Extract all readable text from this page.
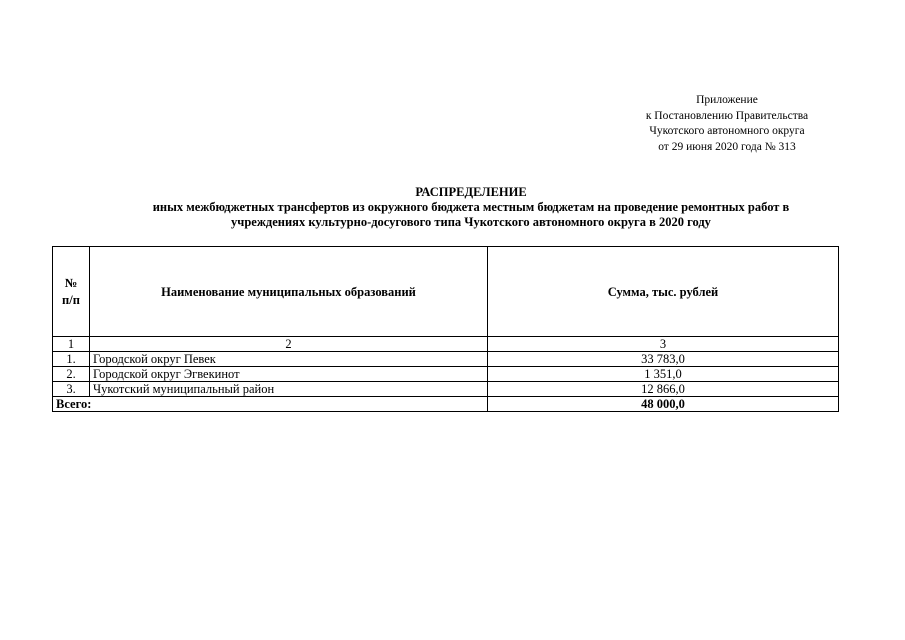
Приложение
к Постановлению Правительства
Чукотского автономного округа
от 29 июня 2020 года № 313
РАСПРЕДЕЛЕНИЕ
иных межбюджетных трансфертов из окружного бюджета местным бюджетам на проведение ремонтных работ в
учреждениях культурно-досугового типа Чукотского автономного округа в 2020 году
№
п/п	Наименование муниципальных образований	Сумма, тыс. рублей
1	2	3
1.	Городской округ Певек	33 783,0
2.	Городской округ Эгвекинот	1 351,0
3.	Чукотский муниципальный район	12 866,0
Всего:		48 000,0
